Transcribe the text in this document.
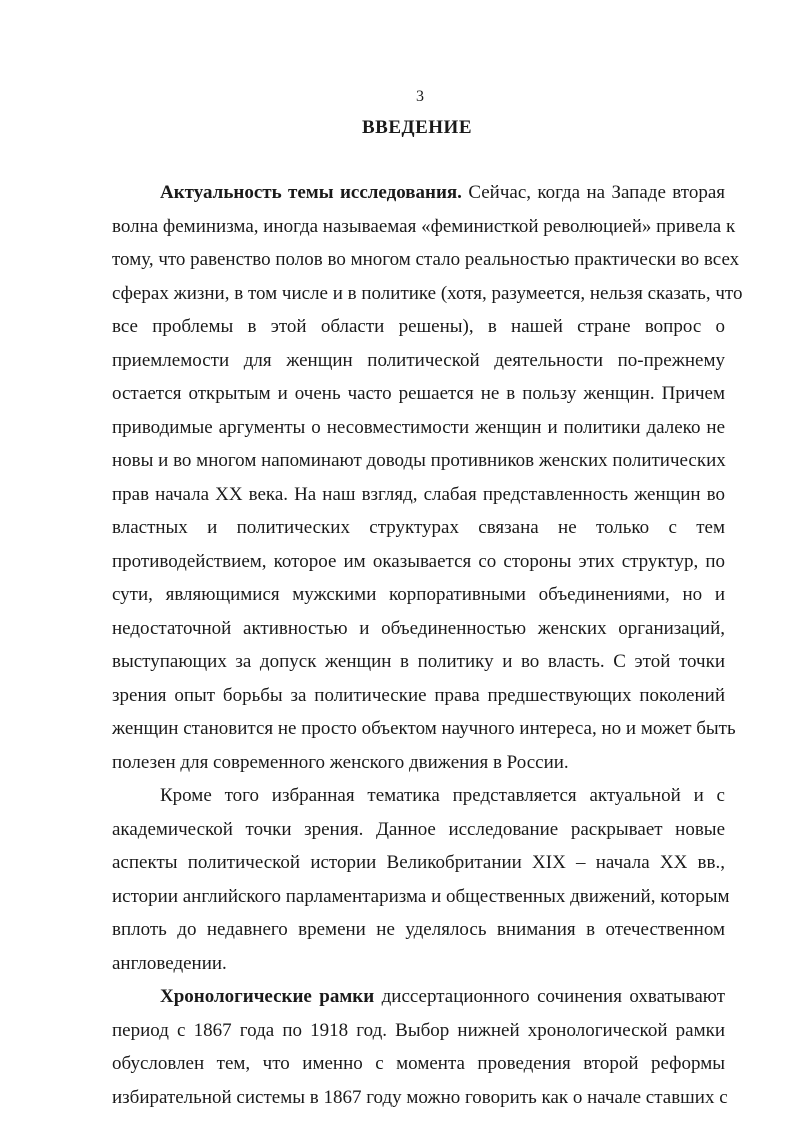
3
ВВЕДЕНИЕ
Актуальность темы исследования. Сейчас, когда на Западе вторая
волна феминизма, иногда называемая «феминисткой революцией» привела к
тому, что равенство полов во многом стало реальностью практически во всех
сферах жизни, в том числе и в политике (хотя, разумеется, нельзя сказать, что
все проблемы в этой области решены), в нашей стране вопрос о
приемлемости для женщин политической деятельности по-прежнему
остается открытым и очень часто решается не в пользу женщин. Причем
приводимые аргументы о несовместимости женщин и политики далеко не
новы и во многом напоминают доводы противников женских политических
прав начала XX века. На наш взгляд, слабая представленность женщин во
властных и политических структурах связана не только с тем
противодействием, которое им оказывается со стороны этих структур, по
сути, являющимися мужскими корпоративными объединениями, но и
недостаточной активностью и объединенностью женских организаций,
выступающих за допуск женщин в политику и во власть. С этой точки
зрения опыт борьбы за политические права предшествующих поколений
женщин становится не просто объектом научного интереса, но и может быть
полезен для современного женского движения в России.
Кроме того избранная тематика представляется актуальной и с
академической точки зрения. Данное исследование раскрывает новые
аспекты политической истории Великобритании XIX – начала XX вв.,
истории английского парламентаризма и общественных движений, которым
вплоть до недавнего времени не уделялось внимания в отечественном
англоведении.
Хронологические рамки диссертационного сочинения охватывают
период с 1867 года по 1918 год. Выбор нижней хронологической рамки
обусловлен тем, что именно с момента проведения второй реформы
избирательной системы в 1867 году можно говорить как о начале ставших с
